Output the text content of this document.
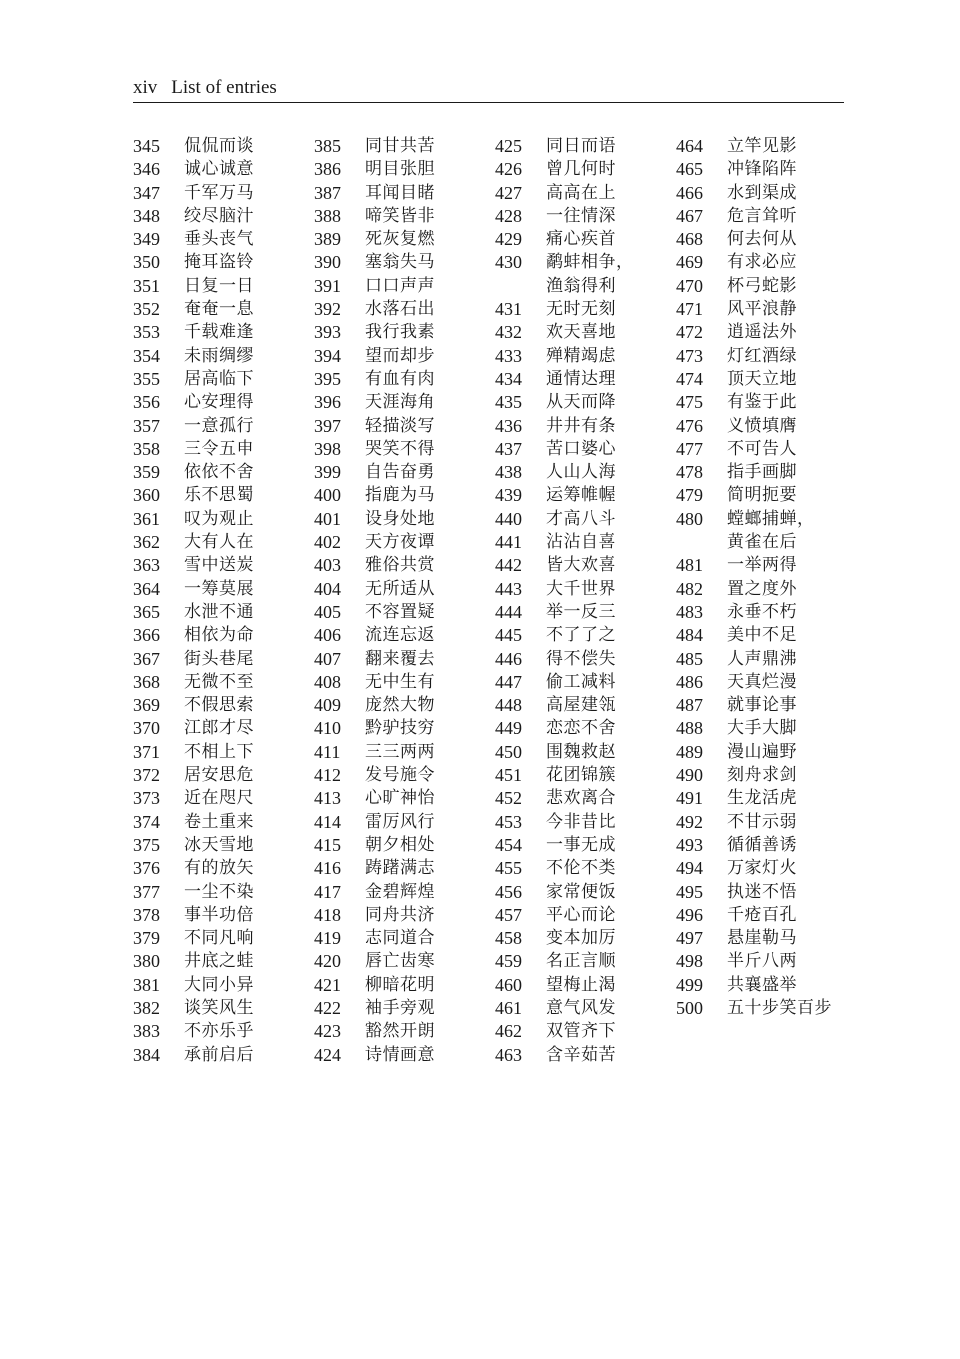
xiv List of entries
345	侃侃而谈
346	诚心诚意
347	千军万马
348	绞尽脑汁
349	垂头丧气
350	掩耳盗铃
351	日复一日
352	奄奄一息
353	千载难逢
354	未雨绸缪
355	居高临下
356	心安理得
357	一意孤行
358	三令五申
359	依依不舍
360	乐不思蜀
361	叹为观止
362	大有人在
363	雪中送炭
364	一筹莫展
365	水泄不通
366	相依为命
367	街头巷尾
368	无微不至
369	不假思索
370	江郎才尽
371	不相上下
372	居安思危
373	近在咫尺
374	卷土重来
375	冰天雪地
376	有的放矢
377	一尘不染
378	事半功倍
379	不同凡响
380	井底之蛙
381	大同小异
382	谈笑风生
383	不亦乐乎
384	承前启后
385	同甘共苦
386	明目张胆
387	耳闻目睹
388	啼笑皆非
389	死灰复燃
390	塞翁失马
391	口口声声
392	水落石出
393	我行我素
394	望而却步
395	有血有肉
396	天涯海角
397	轻描淡写
398	哭笑不得
399	自告奋勇
400	指鹿为马
401	设身处地
402	天方夜谭
403	雅俗共赏
404	无所适从
405	不容置疑
406	流连忘返
407	翻来覆去
408	无中生有
409	庞然大物
410	黔驴技穷
411	三三两两
412	发号施令
413	心旷神怡
414	雷厉风行
415	朝夕相处
416	踌躇满志
417	金碧辉煌
418	同舟共济
419	志同道合
420	唇亡齿寒
421	柳暗花明
422	袖手旁观
423	豁然开朗
424	诗情画意
425	同日而语
426	曾几何时
427	高高在上
428	一往情深
429	痛心疾首
430	鹬蚌相争，
渔翁得利
431	无时无刻
432	欢天喜地
433	殚精竭虑
434	通情达理
435	从天而降
436	井井有条
437	苦口婆心
438	人山人海
439	运筹帷幄
440	才高八斗
441	沾沾自喜
442	皆大欢喜
443	大千世界
444	举一反三
445	不了了之
446	得不偿失
447	偷工减料
448	高屋建瓴
449	恋恋不舍
450	围魏救赵
451	花团锦簇
452	悲欢离合
453	今非昔比
454	一事无成
455	不伦不类
456	家常便饭
457	平心而论
458	变本加厉
459	名正言顺
460	望梅止渴
461	意气风发
462	双管齐下
463	含辛茹苦
464	立竿见影
465	冲锋陷阵
466	水到渠成
467	危言耸听
468	何去何从
469	有求必应
470	杯弓蛇影
471	风平浪静
472	逍遥法外
473	灯红酒绿
474	顶天立地
475	有鉴于此
476	义愤填膺
477	不可告人
478	指手画脚
479	简明扼要
480	螳螂捕蝉，
黄雀在后
481	一举两得
482	置之度外
483	永垂不朽
484	美中不足
485	人声鼎沸
486	天真烂漫
487	就事论事
488	大手大脚
489	漫山遍野
490	刻舟求剑
491	生龙活虎
492	不甘示弱
493	循循善诱
494	万家灯火
495	执迷不悟
496	千疮百孔
497	悬崖勒马
498	半斤八两
499	共襄盛举
500	五十步笑百步
